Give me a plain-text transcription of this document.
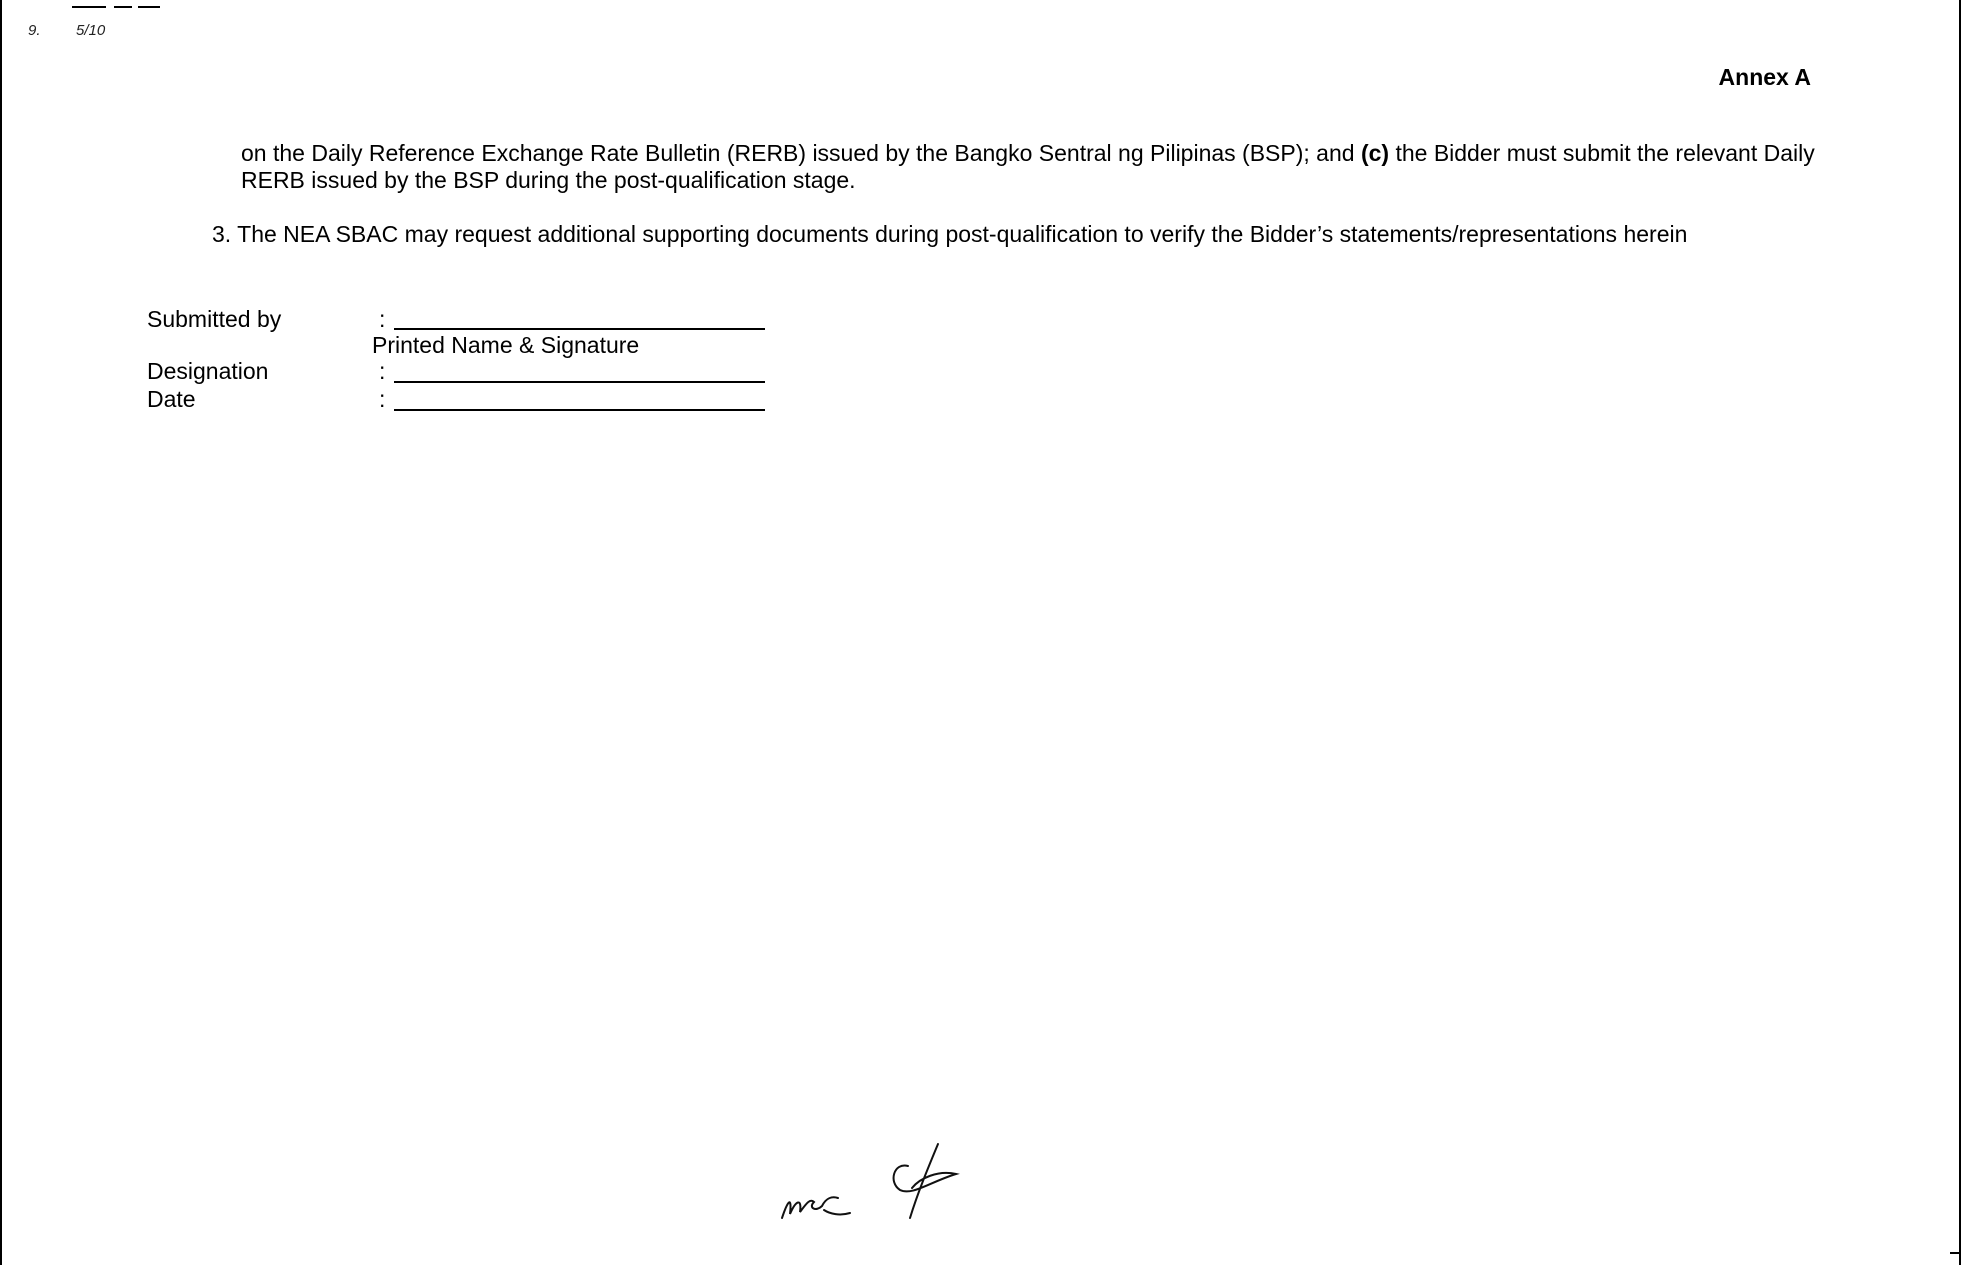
9. 5/10
Annex A
on the Daily Reference Exchange Rate Bulletin (RERB) issued by the Bangko Sentral ng Pilipinas (BSP); and (c) the Bidder must submit the relevant Daily RERB issued by the BSP during the post-qualification stage.
3. The NEA SBAC may request additional supporting documents during post-qualification to verify the Bidder’s statements/representations herein
Submitted by	:
Printed Name & Signature
Designation	:
Date	:
